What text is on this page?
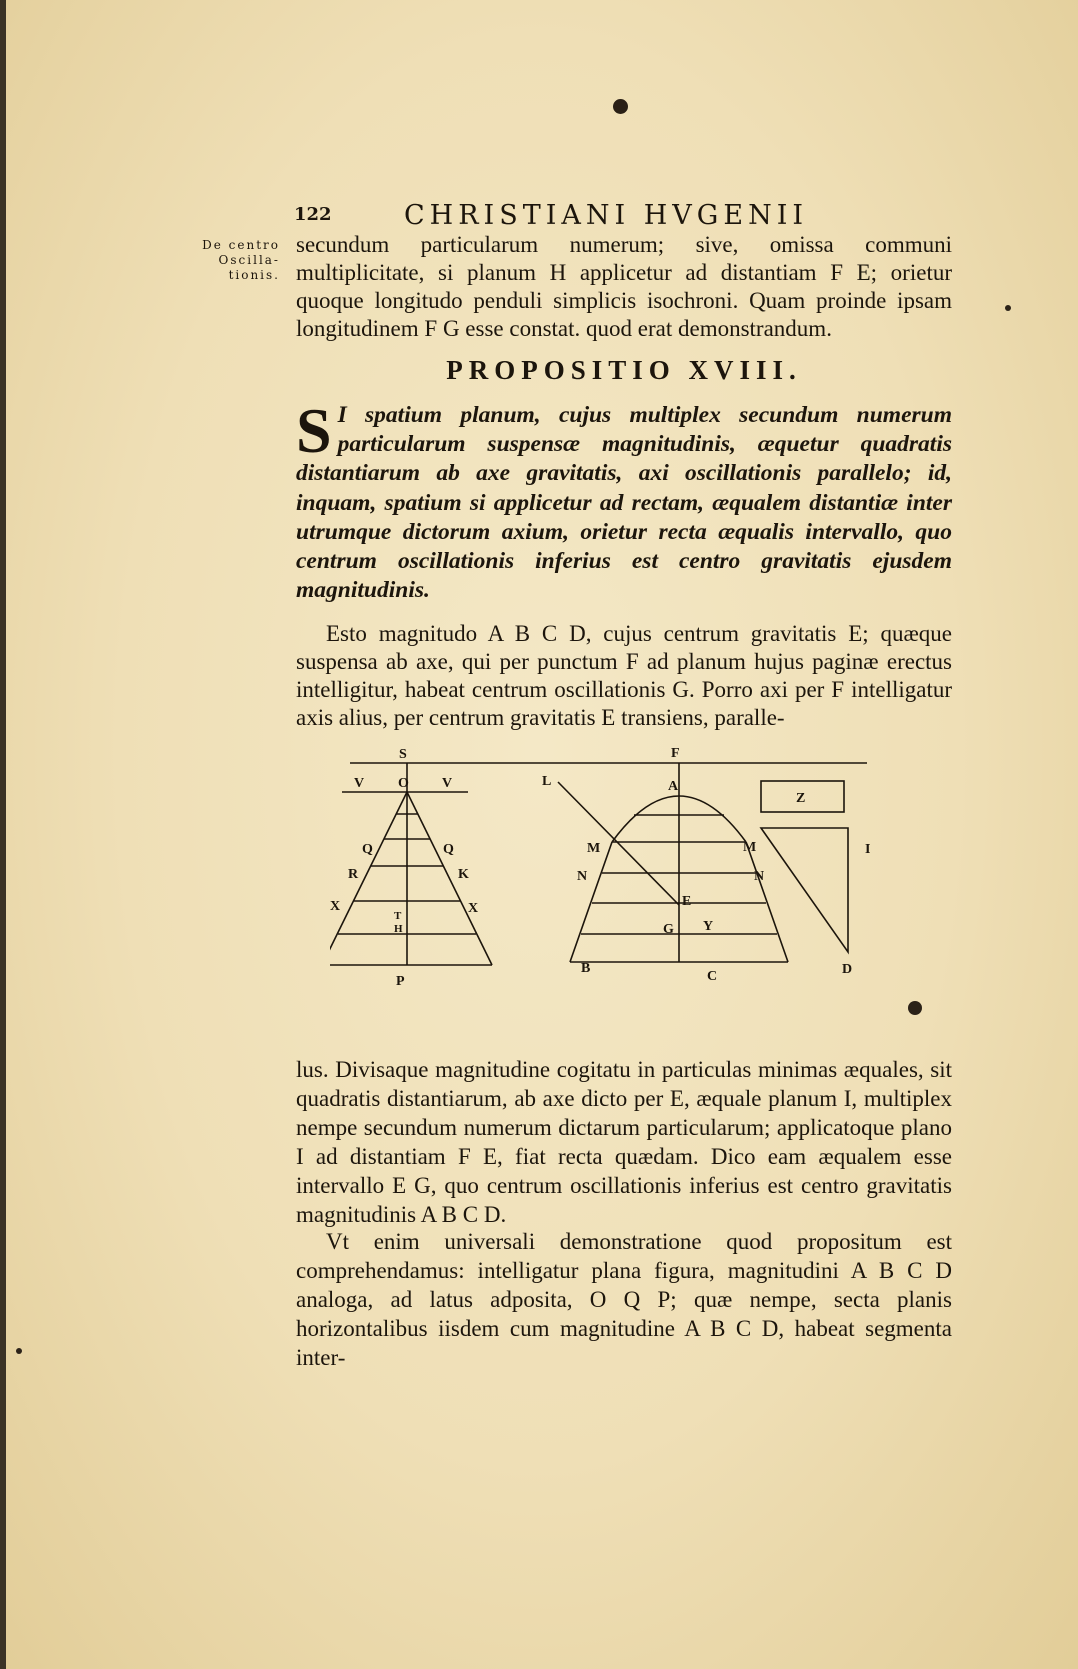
122	CHRISTIANI HVGENII
De centro
Oscilla-
tionis.
secundum particularum numerum; sive, omissa communi multiplicitate, si planum H applicetur ad distantiam F E; orietur quoque longitudo penduli simplicis isochroni. Quam proinde ipsam longitudinem F G esse constat. quod erat demonstrandum.
PROPOSITIO XVIII.
S I spatium planum, cujus multiplex secundum numerum particularum suspensæ magnitudinis, æquetur quadratis distantiarum ab axe gravitatis, axi oscillationis parallelo; id, inquam, spatium si applicetur ad rectam, æqualem distantiæ inter utrumque dictorum axium, orietur recta æqualis intervallo, quo centrum oscillationis inferius est centro gravitatis ejusdem magnitudinis.
Esto magnitudo A B C D, cujus centrum gravitatis E; quæque suspensa ab axe, qui per punctum F ad planum hujus paginæ erectus intelligitur, habeat centrum oscillationis G. Porro axi per F intelligatur axis alius, per centrum gravitatis E transiens, paralle-
S	F
V O V
Q	Q
R	K
X	X
T
H
P
L	A
M	M
N	N
E
Y
G
B
C	D
Z
I
lus. Divisaque magnitudine cogitatu in particulas minimas æquales, sit quadratis distantiarum, ab axe dicto per E, æquale planum I, multiplex nempe secundum numerum dictarum particularum; applicatoque plano I ad distantiam F E, fiat recta quædam. Dico eam æqualem esse intervallo E G, quo centrum oscillationis inferius est centro gravitatis magnitudinis A B C D.
Vt enim universali demonstratione quod propositum est comprehendamus: intelligatur plana figura, magnitudini A B C D analoga, ad latus adposita, O Q P; quæ nempe, secta planis horizontalibus iisdem cum magnitudine A B C D, habeat segmenta inter-
